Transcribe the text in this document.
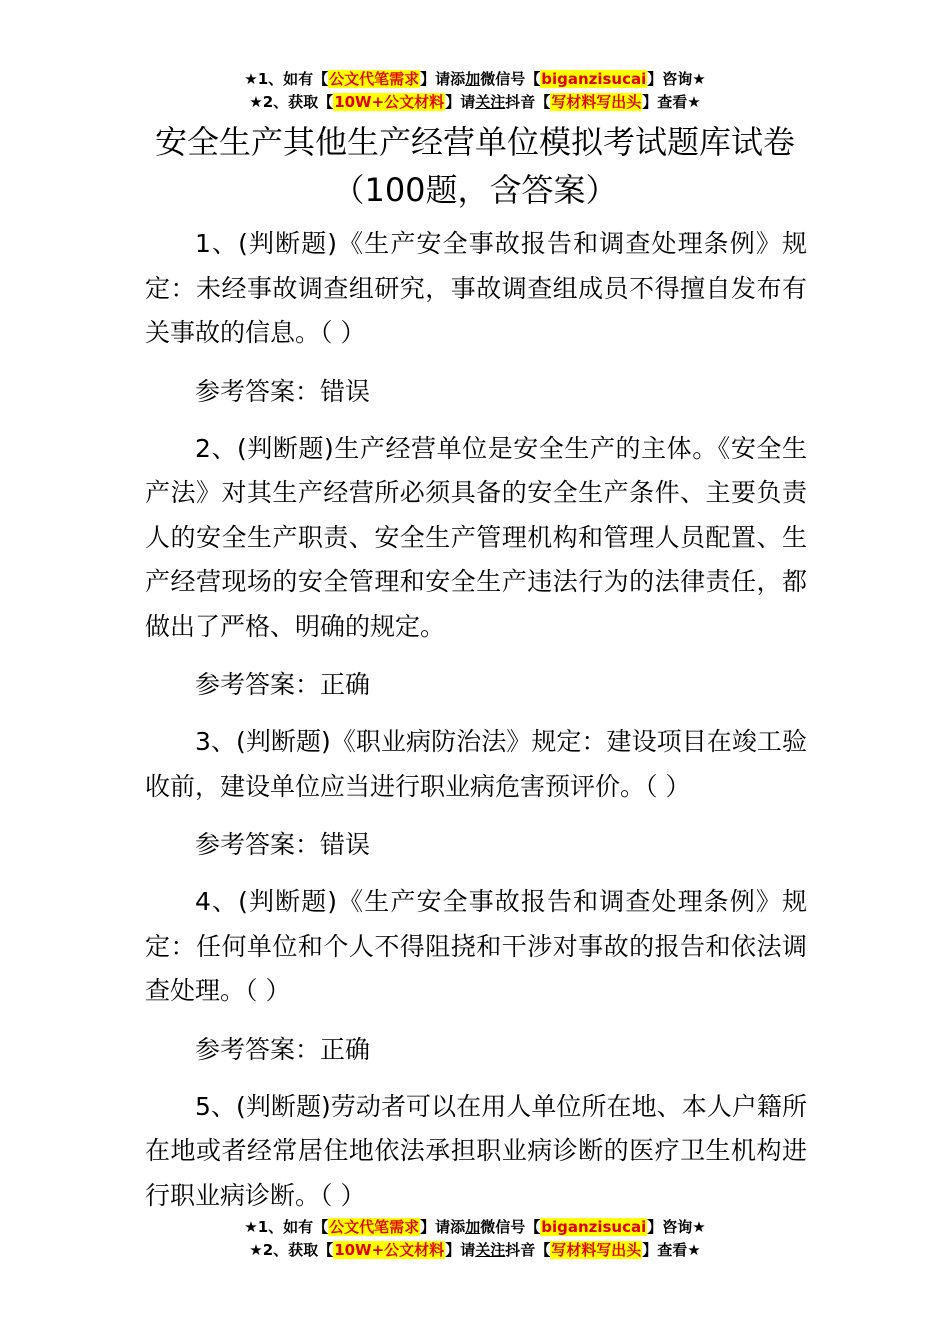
★1、如有【公文代笔需求】请添加微信号【biganzisucai】咨询★
★2、获取【10W+公文材料】请关注抖音【写材料写出头】查看★
安全生产其他生产经营单位模拟考试题库试卷（100题，含答案）

1、(判断题)《生产安全事故报告和调查处理条例》规定：未经事故调查组研究，事故调查组成员不得擅自发布有关事故的信息。（ ）

参考答案：错误

2、(判断题)生产经营单位是安全生产的主体。《安全生产法》对其生产经营所必须具备的安全生产条件、主要负责人的安全生产职责、安全生产管理机构和管理人员配置、生产经营现场的安全管理和安全生产违法行为的法律责任，都做出了严格、明确的规定。

参考答案：正确

3、(判断题)《职业病防治法》规定：建设项目在竣工验收前，建设单位应当进行职业病危害预评价。（ ）

参考答案：错误

4、(判断题)《生产安全事故报告和调查处理条例》规定：任何单位和个人不得阻挠和干涉对事故的报告和依法调查处理。（ ）

参考答案：正确

5、(判断题)劳动者可以在用人单位所在地、本人户籍所在地或者经常居住地依法承担职业病诊断的医疗卫生机构进行职业病诊断。（ ）

★1、如有【公文代笔需求】请添加微信号【biganzisucai】咨询★
★2、获取【10W+公文材料】请关注抖音【写材料写出头】查看★
